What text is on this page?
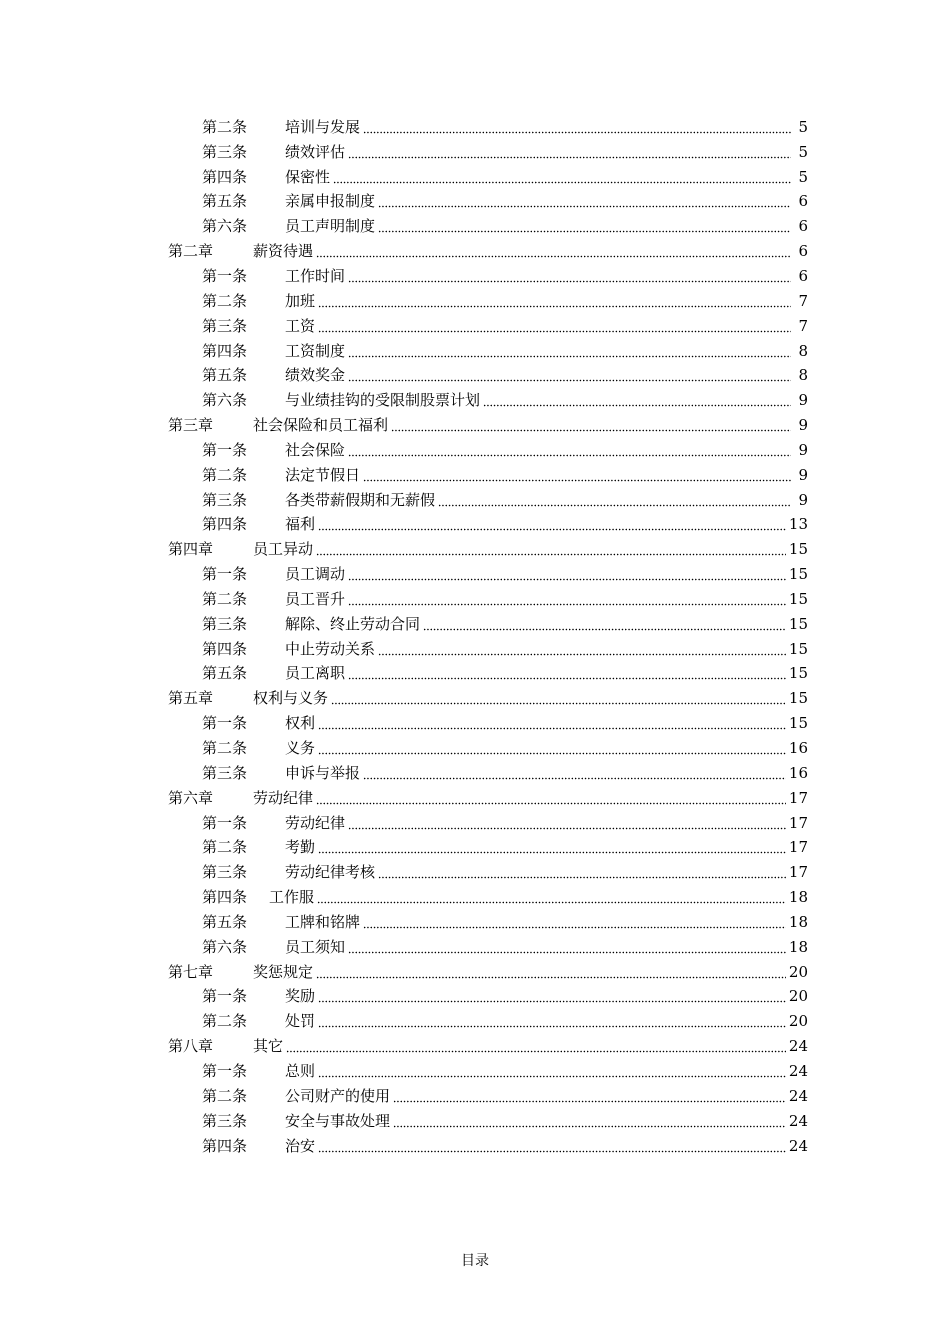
第二条	培训与发展	5
第三条	绩效评估	5
第四条	保密性	5
第五条	亲属申报制度	6
第六条	员工声明制度	6
第二章	薪资待遇	6
第一条	工作时间	6
第二条	加班	7
第三条	工资	7
第四条	工资制度	8
第五条	绩效奖金	8
第六条	与业绩挂钩的受限制股票计划	9
第三章	社会保险和员工福利	9
第一条	社会保险	9
第二条	法定节假日	9
第三条	各类带薪假期和无薪假	9
第四条	福利	13
第四章	员工异动	15
第一条	员工调动	15
第二条	员工晋升	15
第三条	解除、终止劳动合同	15
第四条	中止劳动关系	15
第五条	员工离职	15
第五章	权利与义务	15
第一条	权利	15
第二条	义务	16
第三条	申诉与举报	16
第六章	劳动纪律	17
第一条	劳动纪律	17
第二条	考勤	17
第三条	劳动纪律考核	17
第四条	工作服	18
第五条	工牌和铭牌	18
第六条	员工须知	18
第七章	奖惩规定	20
第一条	奖励	20
第二条	处罚	20
第八章	其它	24
第一条	总则	24
第二条	公司财产的使用	24
第三条	安全与事故处理	24
第四条	治安	24
目录
